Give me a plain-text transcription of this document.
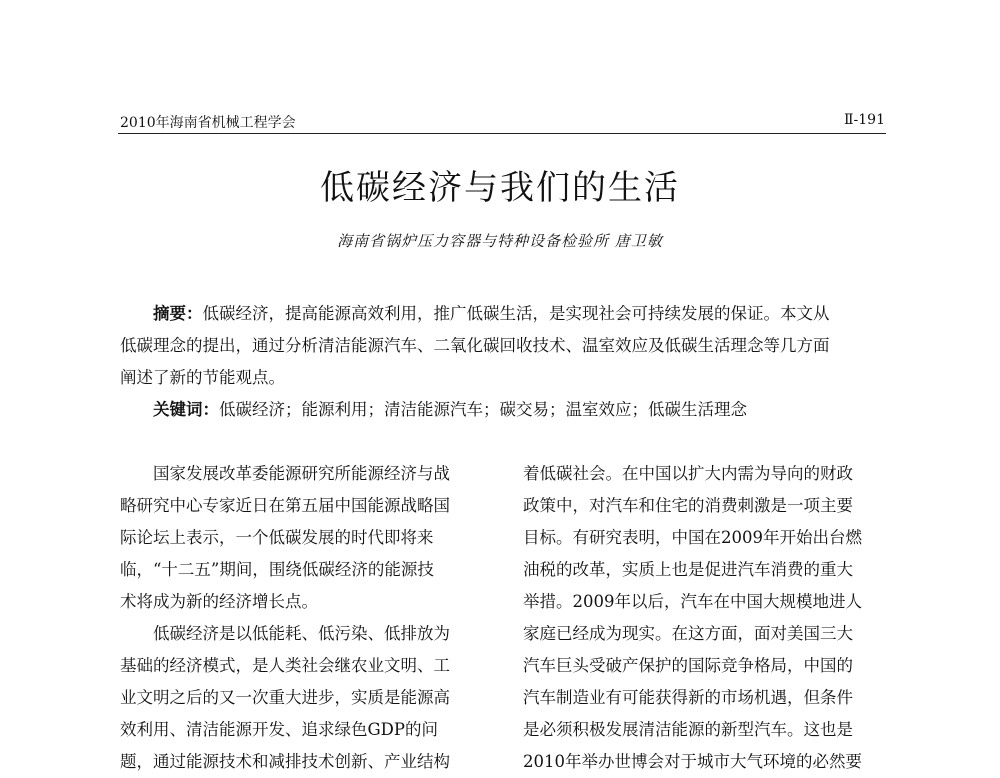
2010年海南省机械工程学会	Ⅱ-191
低碳经济与我们的生活
海南省锅炉压力容器与特种设备检验所 唐卫敏
摘要：低碳经济，提高能源高效利用，推广低碳生活，是实现社会可持续发展的保证。本文从
低碳理念的提出，通过分析清洁能源汽车、二氧化碳回收技术、温室效应及低碳生活理念等几方面
阐述了新的节能观点。
关键词：低碳经济；能源利用；清洁能源汽车；碳交易；温室效应；低碳生活理念
　　国家发展改革委能源研究所能源经济与战
略研究中心专家近日在第五届中国能源战略国
际论坛上表示，一个低碳发展的时代即将来
临，“十二五”期间，围绕低碳经济的能源技
术将成为新的经济增长点。
　　低碳经济是以低能耗、低污染、低排放为
基础的经济模式，是人类社会继农业文明、工
业文明之后的又一次重大进步，实质是能源高
效利用、清洁能源开发、追求绿色GDP的问
题，通过能源技术和减排技术创新、产业结构
着低碳社会。在中国以扩大内需为导向的财政
政策中，对汽车和住宅的消费刺激是一项主要
目标。有研究表明，中国在2009年开始出台燃
油税的改革，实质上也是促进汽车消费的重大
举措。2009年以后，汽车在中国大规模地进人
家庭已经成为现实。在这方面，面对美国三大
汽车巨头受破产保护的国际竞争格局，中国的
汽车制造业有可能获得新的市场机遇，但条件
是必须积极发展清洁能源的新型汽车。这也是
2010年举办世博会对于城市大气环境的必然要
